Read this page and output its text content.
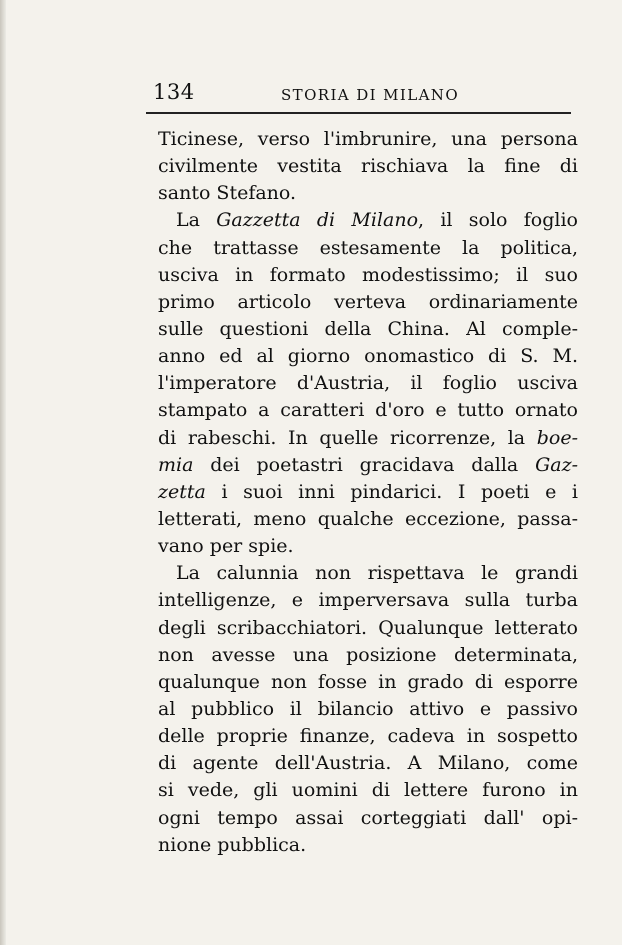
134	STORIA DI MILANO
Ticinese, verso l'imbrunire, una persona
civilmente vestita rischiava la fine di
santo Stefano.
La Gazzetta di Milano, il solo foglio
che trattasse estesamente la politica,
usciva in formato modestissimo; il suo
primo articolo verteva ordinariamente
sulle questioni della China. Al comple-
anno ed al giorno onomastico di S. M.
l'imperatore d'Austria, il foglio usciva
stampato a caratteri d'oro e tutto ornato
di rabeschi. In quelle ricorrenze, la boe-
mia dei poetastri gracidava dalla Gaz-
zetta i suoi inni pindarici. I poeti e i
letterati, meno qualche eccezione, passa-
vano per spie.
La calunnia non rispettava le grandi
intelligenze, e imperversava sulla turba
degli scribacchiatori. Qualunque letterato
non avesse una posizione determinata,
qualunque non fosse in grado di esporre
al pubblico il bilancio attivo e passivo
delle proprie finanze, cadeva in sospetto
di agente dell'Austria. A Milano, come
si vede, gli uomini di lettere furono in
ogni tempo assai corteggiati dall' opi-
nione pubblica.
